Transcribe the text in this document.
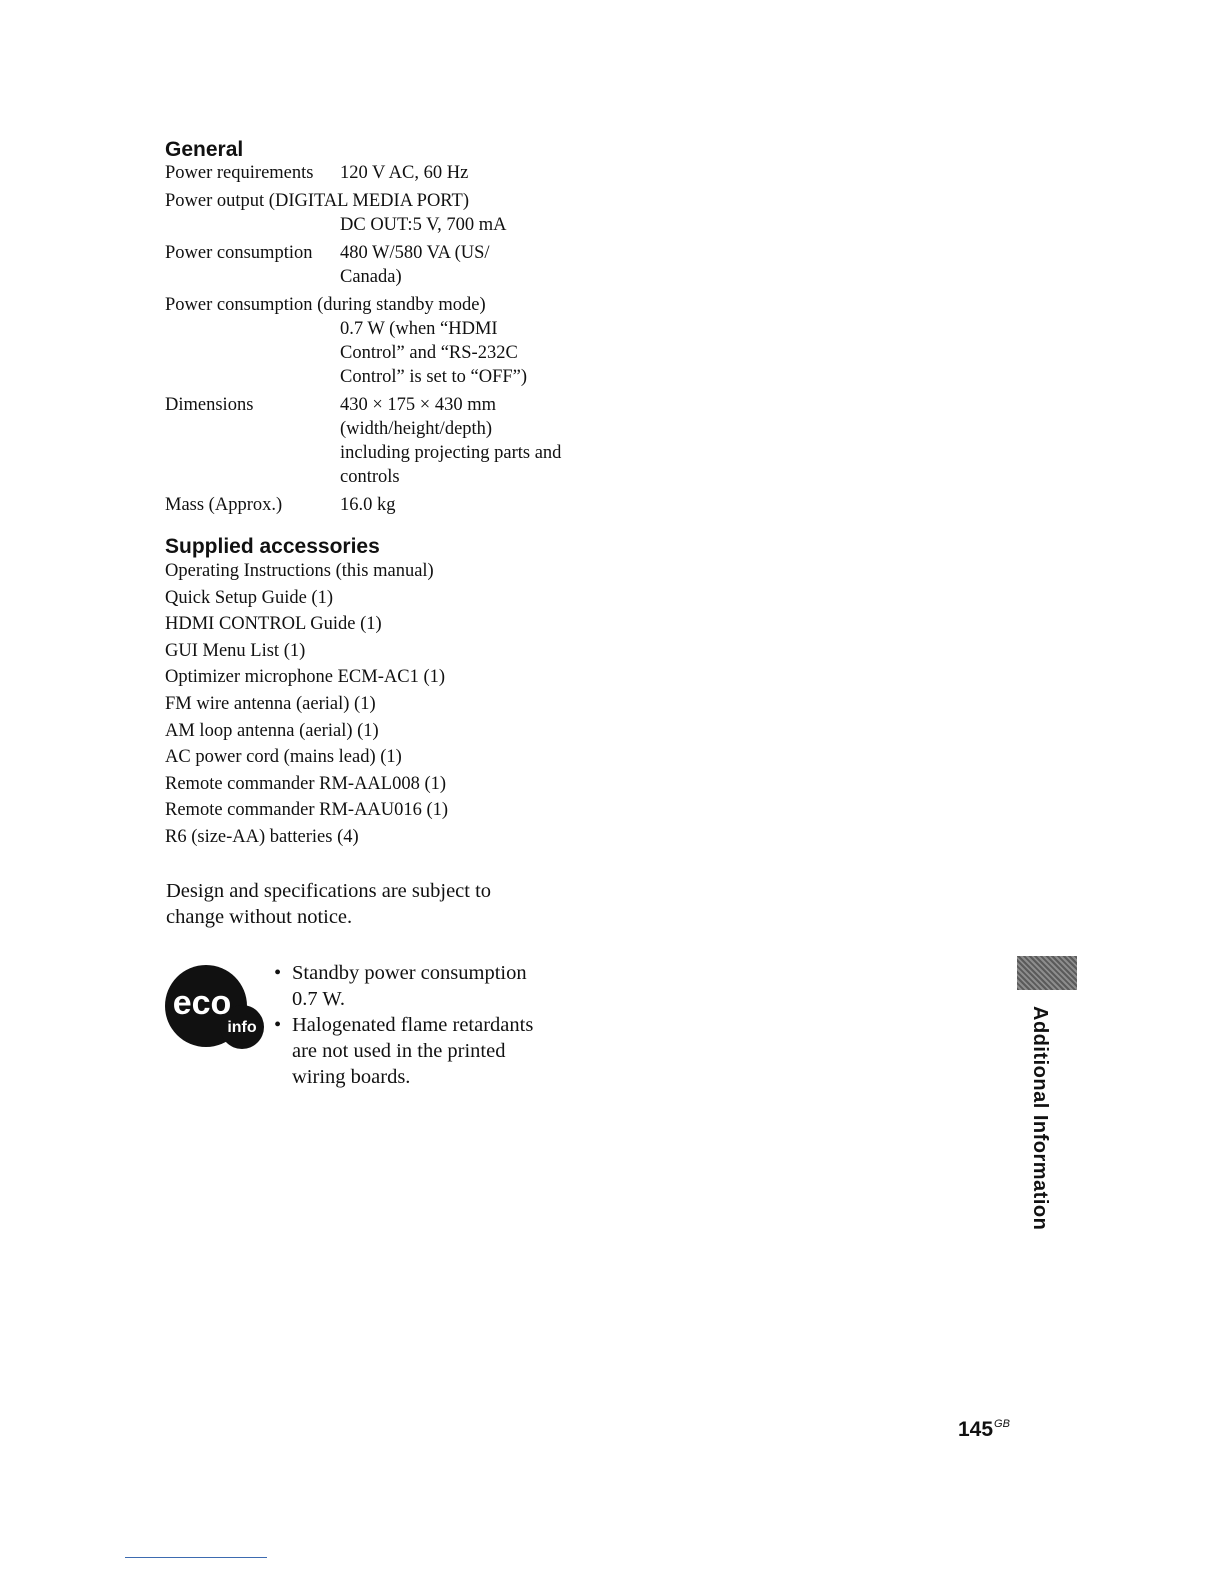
General
Power requirements 120 V AC, 60 Hz
Power output (DIGITAL MEDIA PORT)
DC OUT:5 V, 700 mA
Power consumption 480 W/580 VA (US/ Canada)
Power consumption (during standby mode)
0.7 W (when “HDMI Control” and “RS-232C Control” is set to “OFF”)
Dimensions	430 × 175 × 430 mm (width/height/depth) including projecting parts and controls
Mass (Approx.)	16.0 kg
Supplied accessories
Operating Instructions (this manual)
Quick Setup Guide (1)
HDMI CONTROL Guide (1)
GUI Menu List (1)
Optimizer microphone ECM-AC1 (1)
FM wire antenna (aerial) (1)
AM loop antenna (aerial) (1)
AC power cord (mains lead) (1)
Remote commander RM-AAL008 (1)
Remote commander RM-AAU016 (1)
R6 (size-AA) batteries (4)
Design and specifications are subject to change without notice.
eco
info
• Standby power consumption 0.7 W.
• Halogenated flame retardants are not used in the printed wiring boards.	Additional Information
$145^{GB}$
